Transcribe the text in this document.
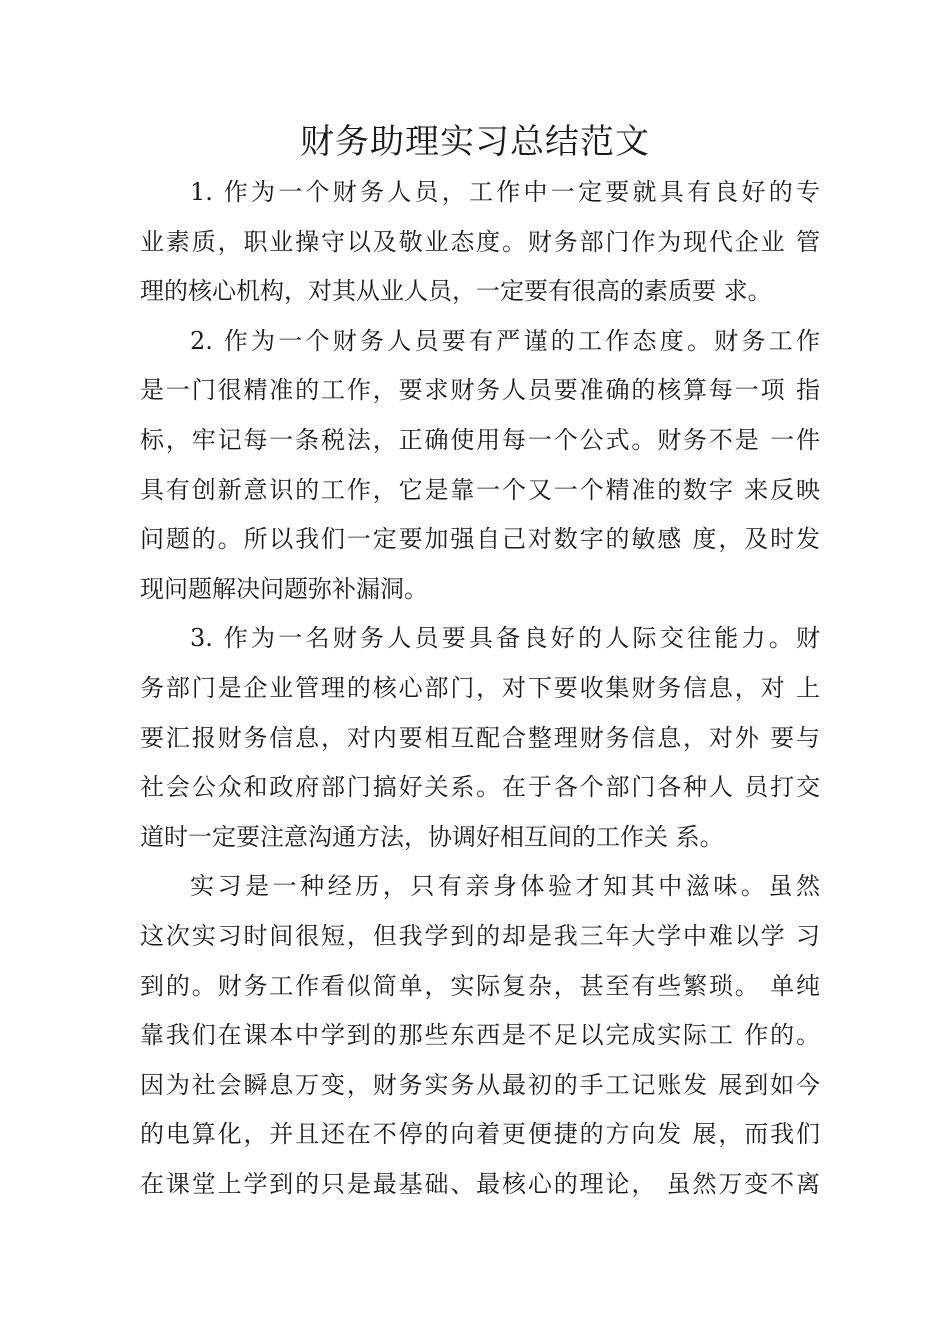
财务助理实习总结范文
1. 作为一个财务人员，工作中一定要就具有良好的专
业素质，职业操守以及敬业态度。财务部门作为现代企业 管
理的核心机构，对其从业人员，一定要有很高的素质要 求。
2. 作为一个财务人员要有严谨的工作态度。财务工作
是一门很精准的工作，要求财务人员要准确的核算每一项 指
标，牢记每一条税法，正确使用每一个公式。财务不是 一件
具有创新意识的工作，它是靠一个又一个精准的数字 来反映
问题的。所以我们一定要加强自己对数字的敏感 度，及时发
现问题解决问题弥补漏洞。
3. 作为一名财务人员要具备良好的人际交往能力。财
务部门是企业管理的核心部门，对下要收集财务信息，对 上
要汇报财务信息，对内要相互配合整理财务信息，对外 要与
社会公众和政府部门搞好关系。在于各个部门各种人 员打交
道时一定要注意沟通方法，协调好相互间的工作关 系。
实习是一种经历，只有亲身体验才知其中滋味。虽然
这次实习时间很短，但我学到的却是我三年大学中难以学 习
到的。财务工作看似简单，实际复杂，甚至有些繁琐。 单纯
靠我们在课本中学到的那些东西是不足以完成实际工 作的。
因为社会瞬息万变，财务实务从最初的手工记账发 展到如今
的电算化，并且还在不停的向着更便捷的方向发 展，而我们
在课堂上学到的只是最基础、最核心的理论， 虽然万变不离
